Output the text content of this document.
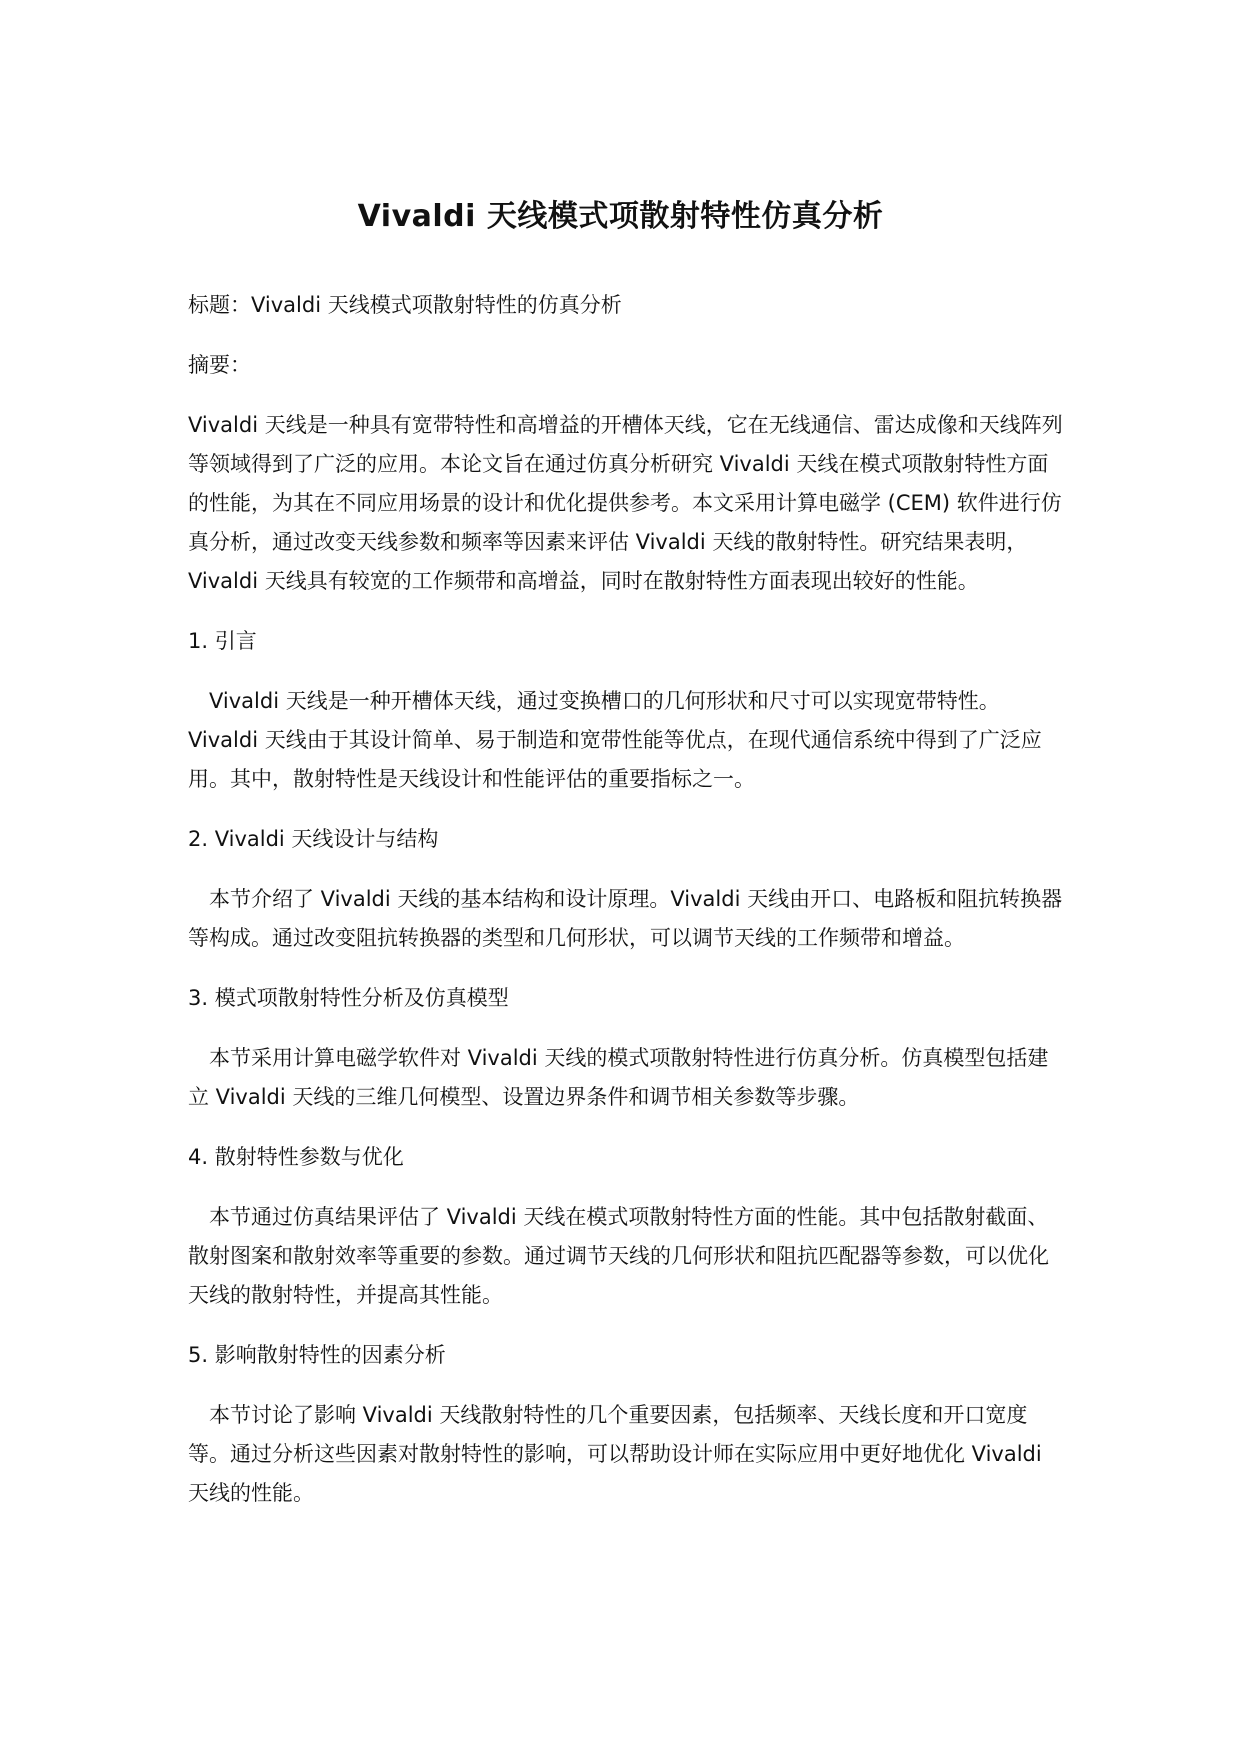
Vivaldi 天线模式项散射特性仿真分析

标题：Vivaldi 天线模式项散射特性的仿真分析

摘要：

Vivaldi 天线是一种具有宽带特性和高增益的开槽体天线，它在无线通信、雷达成像和天线阵列等领域得到了广泛的应用。本论文旨在通过仿真分析研究 Vivaldi 天线在模式项散射特性方面的性能，为其在不同应用场景的设计和优化提供参考。本文采用计算电磁学 (CEM) 软件进行仿真分析，通过改变天线参数和频率等因素来评估 Vivaldi 天线的散射特性。研究结果表明，Vivaldi 天线具有较宽的工作频带和高增益，同时在散射特性方面表现出较好的性能。

1. 引言

Vivaldi 天线是一种开槽体天线，通过变换槽口的几何形状和尺寸可以实现宽带特性。Vivaldi 天线由于其设计简单、易于制造和宽带性能等优点，在现代通信系统中得到了广泛应用。其中，散射特性是天线设计和性能评估的重要指标之一。

2. Vivaldi 天线设计与结构

本节介绍了 Vivaldi 天线的基本结构和设计原理。Vivaldi 天线由开口、电路板和阻抗转换器等构成。通过改变阻抗转换器的类型和几何形状，可以调节天线的工作频带和增益。

3. 模式项散射特性分析及仿真模型

本节采用计算电磁学软件对 Vivaldi 天线的模式项散射特性进行仿真分析。仿真模型包括建立 Vivaldi 天线的三维几何模型、设置边界条件和调节相关参数等步骤。

4. 散射特性参数与优化

本节通过仿真结果评估了 Vivaldi 天线在模式项散射特性方面的性能。其中包括散射截面、散射图案和散射效率等重要的参数。通过调节天线的几何形状和阻抗匹配器等参数，可以优化天线的散射特性，并提高其性能。

5. 影响散射特性的因素分析

本节讨论了影响 Vivaldi 天线散射特性的几个重要因素，包括频率、天线长度和开口宽度等。通过分析这些因素对散射特性的影响，可以帮助设计师在实际应用中更好地优化 Vivaldi 天线的性能。
